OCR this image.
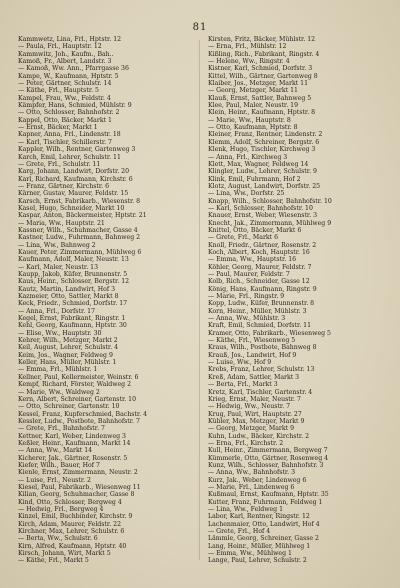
81

Kammwetz, Lina, Frl., Hptstr. 12

— Paula, Frl., Hauptstr. 12

Kammwitz, Joh., Kaufm., Bah..

Kamoß, Fr., Albert, Landstr. 3

— Kamoß, Ww. Ann., Pfarrgasse 36

Kampe, W., Kaufmann, Hptstr. 5

— Peter, Gärtner, Schulstr. 14

— Käthe, Frl., Hauptstr. 5

Kampel, Frau, Ww., Feldstr. 4

Kämpfer, Hans, Schmied, Mühlstr. 9

— Otto, Schlosser, Bahnhofstr. 2

Kappel, Otto, Bäcker, Markt 1

— Ernst, Bäcker, Markt 1

Kapner, Anna, Frl., Lindenstr. 18

— Karl, Tischler, Schillerstr. 7

Kappler, Wilh., Rentner, Gartenweg 3

Karch, Emil, Lehrer, Schulstr. 11

— Grete, Frl., Schulstr. 11

Karg, Johann, Landwirt, Dorfstr. 20

Karl, Richard, Kaufmann, Kirchstr. 6

— Franz, Gärtner, Kirchstr. 6

Kärner, Gustav, Maurer, Feldstr. 15

Karsch, Ernst, Fabrikarb., Wiesenstr. 8

Kasel, Hugo, Schneider, Markt 10

Kaspar, Anton, Bäckermeister, Hptstr. 21

— Maria, Ww., Hauptstr. 21

Kassner, Wilh., Schuhmacher, Gasse 4

Kastner, Ludw., Fuhrmann, Bahnweg 2

— Lina, Ww., Bahnweg 2

Kauer, Peter, Zimmermann, Mühlweg 6

Kaufmann, Adolf, Maler, Neustr. 13

— Karl, Maler, Neustr. 13

Kaupp, Jakob, Küfer, Brunnenstr. 5

Kaus, Heinr., Schlosser, Bergstr. 12

Kautz, Martin, Landwirt, Hof 3

Kazmeier, Otto, Sattler, Markt 8

Keck, Friedr., Schmied, Dorfstr. 17

— Anna, Frl., Dorfstr. 17

Kegel, Ernst, Fabrikant, Ringstr. 1

Kehl, Georg, Kaufmann, Hptstr. 30

— Elise, Ww., Hauptstr. 30

Kehrer, Wilh., Metzger, Markt 2

Keil, August, Lehrer, Schulstr. 4

Keim, Jos., Wagner, Feldweg 9

Keller, Hans, Müller, Mühlstr. 1

— Emma, Frl., Mühlstr. 1

Kellner, Paul, Kellermeister, Weinstr. 6

Kempf, Richard, Förster, Waldweg 2

— Marie, Ww., Waldweg 2

Kern, Albert, Schreiner, Gartenstr. 10

— Otto, Schreiner, Gartenstr. 10

Kessel, Franz, Kupferschmied, Bachstr. 4

Kessler, Ludw., Postbote, Bahnhofstr. 7

— Grete, Frl., Bahnhofstr. 7

Kettner, Karl, Weber, Lindenweg 3

Keßler, Heinr., Kaufmann, Markt 14

— Anna, Ww., Markt 14

Kicherer, Jak., Gärtner, Rosenstr. 5

Kiefer, Wilh., Bauer, Hof 7

Kienle, Ernst, Zimmermann, Neustr. 2

— Luise, Frl., Neustr. 2

Kiesel, Paul, Fabrikarb., Wiesenweg 11

Kilian, Georg, Schuhmacher, Gasse 8

Kind, Otto, Schlosser, Bergweg 4

— Hedwig, Frl., Bergweg 4

Kinzel, Emil, Buchbinder, Kirchstr. 9

Kirch, Adam, Maurer, Feldstr. 22

Kirchner, Max, Lehrer, Schulstr. 6

— Berta, Ww., Schulstr. 6

Kirn, Alfred, Kaufmann, Hptstr. 40

Kirsch, Johann, Wirt, Markt 5

— Käthe, Frl., Markt 5

Kirsten, Fritz, Bäcker, Mühlstr. 12

— Erna, Frl., Mühlstr. 12

Kißling, Rich., Fabrikant, Ringstr. 4

— Helene, Ww., Ringstr. 4

Kistner, Karl, Schmied, Dorfstr. 3

Kittel, Wilh., Gärtner, Gartenweg 8

Klaiber, Jos., Metzger, Markt 11

— Georg, Metzger, Markt 11

Klauß, Ernst, Sattler, Bahnweg 5

Klee, Paul, Maler, Neustr. 19

Klein, Heinr., Kaufmann, Hptstr. 8

— Marie, Ww., Hauptstr. 8

— Otto, Kaufmann, Hptstr. 8

Kleiner, Franz, Rentner, Lindenstr. 2

Klemm, Adolf, Schreiner, Bergstr. 6

Klenk, Hugo, Tischler, Kirchweg 3

— Anna, Frl., Kirchweg 3

Klett, Max, Wagner, Feldweg 14

Klingler, Ludw., Lehrer, Schulstr. 9

Klink, Emil, Fuhrmann, Hof 2

Klotz, August, Landwirt, Dorfstr. 25

— Lina, Ww., Dorfstr. 25

Knapp, Wilh., Schlosser, Bahnhofstr. 10

— Karl, Schlosser, Bahnhofstr. 10

Knauer, Ernst, Weber, Wiesenstr. 3

Knecht, Jak., Zimmermann, Mühlweg 9

Knittel, Otto, Bäcker, Markt 6

— Grete, Frl., Markt 6

Knoll, Friedr., Gärtner, Rosenstr. 2

Koch, Albert, Koch, Hauptstr. 16

— Emma, Ww., Hauptstr. 16

Köhler, Georg, Maurer, Feldstr. 7

— Paul, Maurer, Feldstr. 7

Kolb, Rich., Schneider, Gasse 12

König, Hans, Kaufmann, Ringstr. 9

— Marie, Frl., Ringstr. 9

Kopp, Ludw., Küfer, Brunnenstr. 8

Korn, Heinr., Müller, Mühlstr. 3

— Anna, Ww., Mühlstr. 3

Kraft, Emil, Schmied, Dorfstr. 11

Kramer, Otto, Fabrikarb., Wiesenweg 5

— Käthe, Frl., Wiesenweg 5

Kraus, Wilh., Postbote, Bahnweg 8

Krauß, Jos., Landwirt, Hof 9

— Luise, Ww., Hof 9

Krebs, Franz, Lehrer, Schulstr. 13

Kreß, Adam, Sattler, Markt 3

— Berta, Frl., Markt 3

Kretz, Karl, Tischler, Gartenstr. 4

Krieg, Ernst, Maler, Neustr. 7

— Hedwig, Ww., Neustr. 7

Krug, Paul, Wirt, Hauptstr. 27

Kübler, Max, Metzger, Markt 9

— Georg, Metzger, Markt 9

Kuhn, Ludw., Bäcker, Kirchstr. 2

— Erna, Frl., Kirchstr. 2

Kull, Heinr., Zimmermann, Bergweg 7

Kümmerle, Otto, Gärtner, Rosenweg 4

Kunz, Wilh., Schlosser, Bahnhofstr. 3

— Anna, Ww., Bahnhofstr. 3

Kurz, Jak., Weber, Lindenweg 6

— Marie, Frl., Lindenweg 6

Kußmaul, Ernst, Kaufmann, Hptstr. 35

Kutter, Franz, Fuhrmann, Feldweg 1

— Lina, Ww., Feldweg 1

Labor, Karl, Rentner, Ringstr. 12

Lachenmaier, Otto, Landwirt, Hof 4

— Grete, Frl., Hof 4

Lämmle, Georg, Schreiner, Gasse 2

Lang, Heinr., Müller, Mühlweg 1

— Emma, Ww., Mühlweg 1

Lange, Paul, Lehrer, Schulstr. 2
